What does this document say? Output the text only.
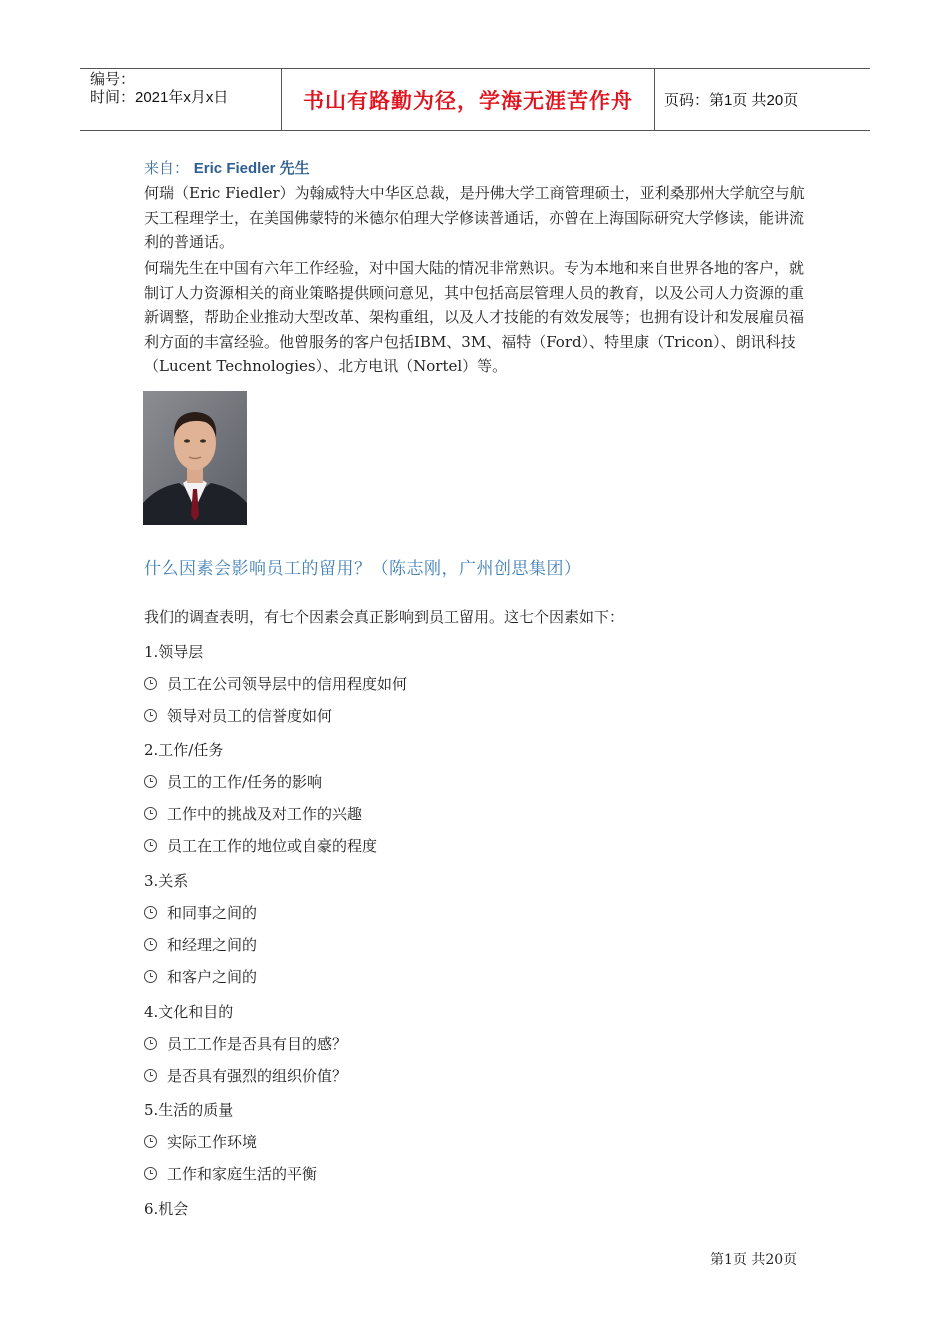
编号：
时间：2021年x月x日	书山有路勤为径，学海无涯苦作舟	页码：第1页 共20页
来自： Eric Fiedler 先生
何瑞（Eric Fiedler）为翰威特大中华区总裁，是丹佛大学工商管理硕士，亚利桑那州大学航空与航天工程理学士，在美国佛蒙特的米德尔伯理大学修读普通话，亦曾在上海国际研究大学修读，能讲流利的普通话。
何瑞先生在中国有六年工作经验，对中国大陆的情况非常熟识。专为本地和来自世界各地的客户，就制订人力资源相关的商业策略提供顾问意见，其中包括高层管理人员的教育，以及公司人力资源的重新调整，帮助企业推动大型改革、架构重组，以及人才技能的有效发展等；也拥有设计和发展雇员福利方面的丰富经验。他曾服务的客户包括IBM、3M、福特（Ford）、特里康（Tricon）、朗讯科技（Lucent Technologies）、北方电讯（Nortel）等。
什么因素会影响员工的留用？（陈志刚，广州创思集团）
我们的调查表明，有七个因素会真正影响到员工留用。这七个因素如下：
1.领导层
员工在公司领导层中的信用程度如何
领导对员工的信誉度如何
2.工作/任务
员工的工作/任务的影响
工作中的挑战及对工作的兴趣
员工在工作的地位或自豪的程度
3.关系
和同事之间的
和经理之间的
和客户之间的
4.文化和目的
员工工作是否具有目的感？
是否具有强烈的组织价值？
5.生活的质量
实际工作环境
工作和家庭生活的平衡
6.机会
第1页 共20页
